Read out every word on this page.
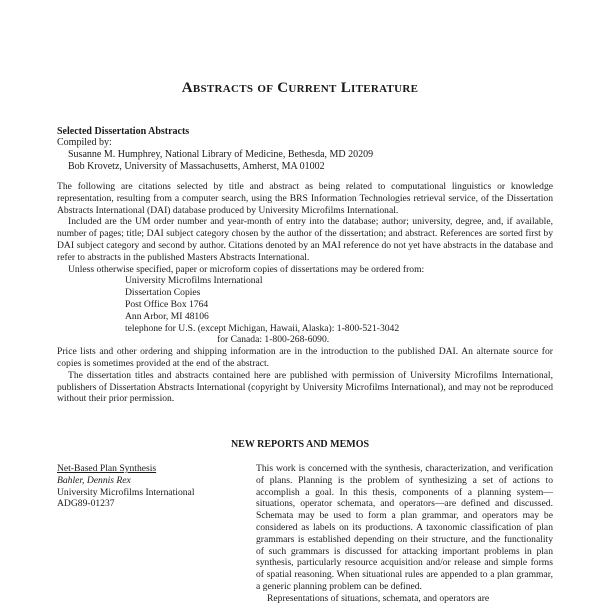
Abstracts of Current Literature
Selected Dissertation Abstracts
Compiled by:
Susanne M. Humphrey, National Library of Medicine, Bethesda, MD 20209
Bob Krovetz, University of Massachusetts, Amherst, MA 01002

The following are citations selected by title and abstract as being related to computational linguistics or knowledge representation, resulting from a computer search, using the BRS Information Technologies retrieval service, of the Dissertation Abstracts International (DAI) database produced by University Microfilms International.

Included are the UM order number and year-month of entry into the database; author; university, degree, and, if available, number of pages; title; DAI subject category chosen by the author of the dissertation; and abstract. References are sorted first by DAI subject category and second by author. Citations denoted by an MAI reference do not yet have abstracts in the database and refer to abstracts in the published Masters Abstracts International.

Unless otherwise specified, paper or microform copies of dissertations may be ordered from:

University Microfilms International

Dissertation Copies

Post Office Box 1764

Ann Arbor, MI 48106

telephone for U.S. (except Michigan, Hawaii, Alaska): 1-800-521-3042

for Canada: 1-800-268-6090.

Price lists and other ordering and shipping information are in the introduction to the published DAI. An alternate source for copies is sometimes provided at the end of the abstract.

The dissertation titles and abstracts contained here are published with permission of University Microfilms International, publishers of Dissertation Abstracts International (copyright by University Microfilms International), and may not be reproduced without their prior permission.

NEW REPORTS AND MEMOS
Net-Based Plan Synthesis
Bahler, Dennis Rex
University Microfilms International
ADG89-01237

This work is concerned with the synthesis, characterization, and verification of plans. Planning is the problem of synthesizing a set of actions to accomplish a goal. In this thesis, components of a planning system—situations, operator schemata, and operators—are defined and discussed. Schemata may be used to form a plan grammar, and operators may be considered as labels on its productions. A taxonomic classification of plan grammars is established depending on their structure, and the functionality of such grammars is discussed for attacking important problems in plan synthesis, particularly resource acquisition and/or release and simple forms of spatial reasoning. When situational rules are appended to a plan grammar, a generic planning problem can be defined.

Representations of situations, schemata, and operators are
